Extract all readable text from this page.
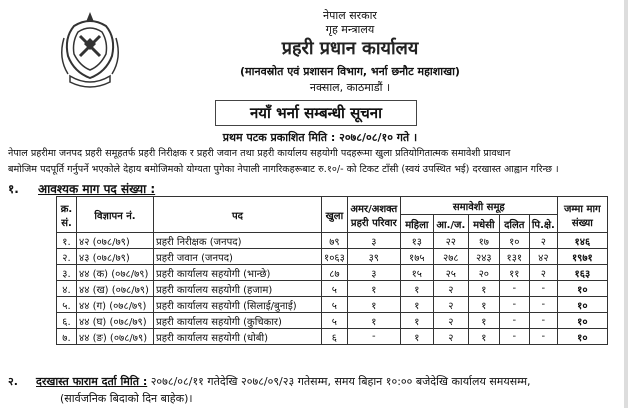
नेपाल सरकार
गृह मन्त्रालय
प्रहरी प्रधान कार्यालय
(मानवस्रोत एवं प्रशासन विभाग, भर्ना छनौट महाशाखा)
नक्साल, काठमाडौं ।
नयाँ भर्ना सम्बन्धी सूचना
प्रथम पटक प्रकाशित मिति : २०७८/०८/१० गते ।
नेपाल प्रहरीमा जनपद प्रहरी समूहतर्फ प्रहरी निरीक्षक र प्रहरी जवान तथा प्रहरी कार्यालय सहयोगी पदहरूमा खुला प्रतियोगितात्मक समावेशी प्रावधान
बमोजिम पदपूर्ति गर्नुपर्ने भएकोले देहाय बमोजिमको योग्यता पुगेका नेपाली नागरिकहरूबाट रु.१०/- को टिकट टाँसी (स्वयं उपस्थित भई) दरखास्त आह्वान गरिन्छ ।
१. आवश्यक माग पद संख्या :
क्र. सं.	विज्ञापन नं.	पद	खुला	अमर/अशक्त प्रहरी परिवार	समावेशी समूह					जम्मा माग संख्या
					महिला	आ./ज.	मधेसी	दलित	पि.क्षे.	
१.	४२ (०७८/७९)	प्रहरी निरीक्षक (जनपद)	७९	३	१३	२२	१७	१०	२	१४६
२.	४३ (०७८/७९)	प्रहरी जवान (जनपद)	१०६३	३९	१७५	२७८	२४३	१३१	४२	१९७१
३.	४४ (क) (०७८/७९)	प्रहरी कार्यालय सहयोगी (भान्छे)	८७	३	१५	२५	२०	११	२	१६३
४.	४४ (ख) (०७८/७९)	प्रहरी कार्यालय सहयोगी (हजाम)	५	१	१	२	१	-	-	१०
५.	४४ (ग) (०७८/७९)	प्रहरी कार्यालय सहयोगी (सिलाई/बुनाई)	५	१	१	२	१	-	-	१०
६.	४४ (घ) (०७८/७९)	प्रहरी कार्यालय सहयोगी (कुचिकार)	५	१	१	२	१	-	-	१०
७.	४४ (ङ) (०७८/७९)	प्रहरी कार्यालय सहयोगी (धोबी)	६	-	१	२	१	-	-	१०
२. दरखास्त फाराम दर्ता मिति : २०७८/०८/११ गतेदेखि २०७८/०९/२३ गतेसम्म, समय बिहान १०:०० बजेदेखि कार्यालय समयसम्म,
(सार्वजनिक बिदाको दिन बाहेक)।
